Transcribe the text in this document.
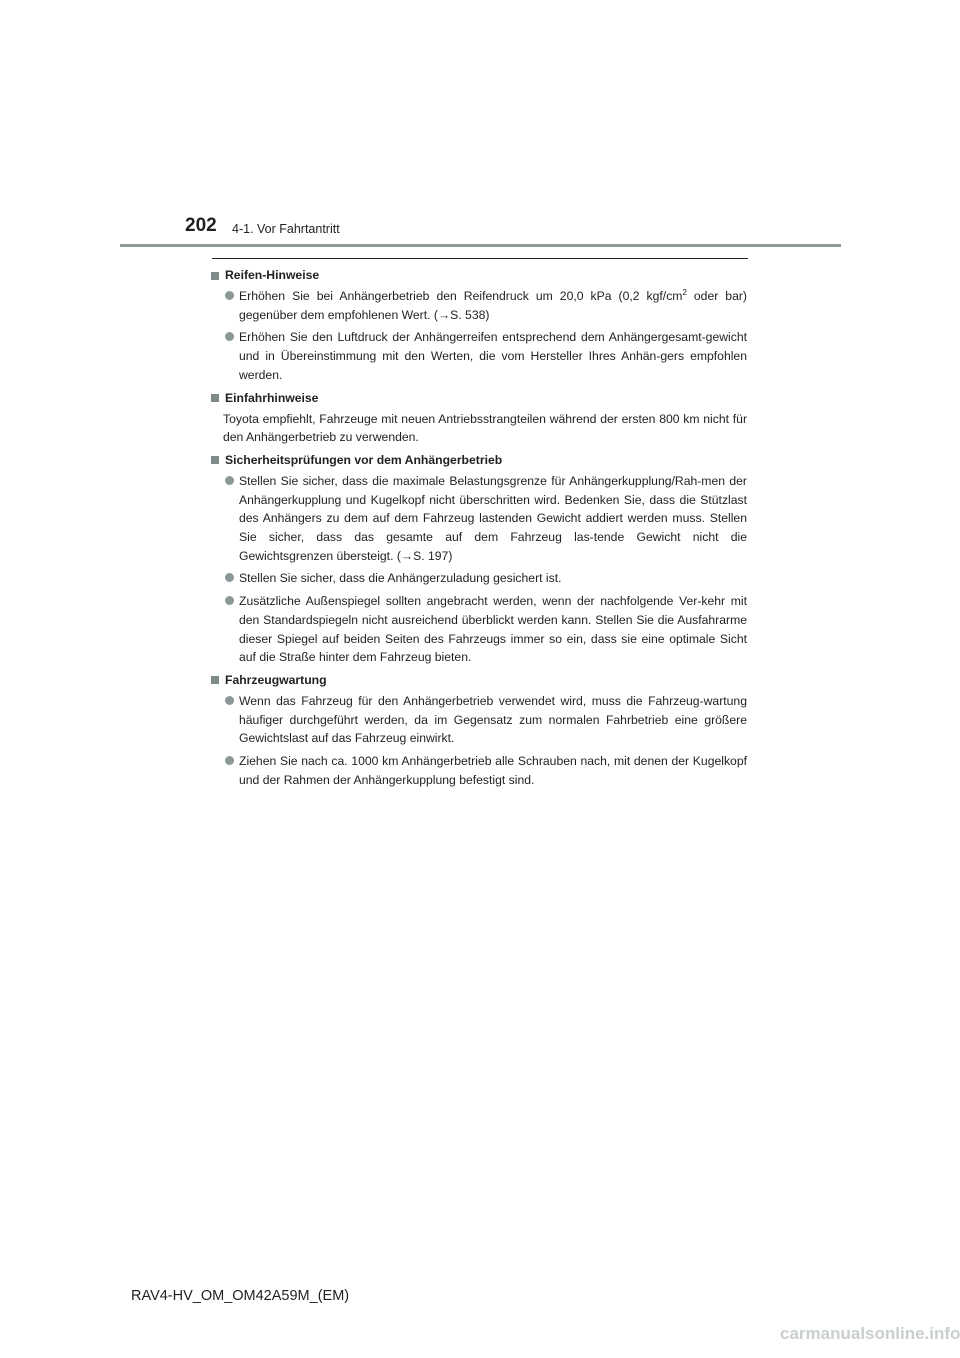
202 4-1. Vor Fahrtantritt
Reifen-Hinweise
Erhöhen Sie bei Anhängerbetrieb den Reifendruck um 20,0 kPa (0,2 kgf/$cm^2$ oder bar) gegenüber dem empfohlenen Wert. (→S. 538)
Erhöhen Sie den Luftdruck der Anhängerreifen entsprechend dem Anhängergesamt-gewicht und in Übereinstimmung mit den Werten, die vom Hersteller Ihres Anhän-gers empfohlen werden.
Einfahrhinweise
Toyota empfiehlt, Fahrzeuge mit neuen Antriebsstrangteilen während der ersten 800 km nicht für den Anhängerbetrieb zu verwenden.
Sicherheitsprüfungen vor dem Anhängerbetrieb
Stellen Sie sicher, dass die maximale Belastungsgrenze für Anhängerkupplung/Rah-men der Anhängerkupplung und Kugelkopf nicht überschritten wird. Bedenken Sie, dass die Stützlast des Anhängers zu dem auf dem Fahrzeug lastenden Gewicht addiert werden muss. Stellen Sie sicher, dass das gesamte auf dem Fahrzeug las-tende Gewicht nicht die Gewichtsgrenzen übersteigt. (→S. 197)
Stellen Sie sicher, dass die Anhängerzuladung gesichert ist.
Zusätzliche Außenspiegel sollten angebracht werden, wenn der nachfolgende Ver-kehr mit den Standardspiegeln nicht ausreichend überblickt werden kann. Stellen Sie die Ausfahrarme dieser Spiegel auf beiden Seiten des Fahrzeugs immer so ein, dass sie eine optimale Sicht auf die Straße hinter dem Fahrzeug bieten.
Fahrzeugwartung
Wenn das Fahrzeug für den Anhängerbetrieb verwendet wird, muss die Fahrzeug-wartung häufiger durchgeführt werden, da im Gegensatz zum normalen Fahrbetrieb eine größere Gewichtslast auf das Fahrzeug einwirkt.
Ziehen Sie nach ca. 1000 km Anhängerbetrieb alle Schrauben nach, mit denen der Kugelkopf und der Rahmen der Anhängerkupplung befestigt sind.
RAV4-HV_OM_OM42A59M_(EM)
carmanualsonline.info
